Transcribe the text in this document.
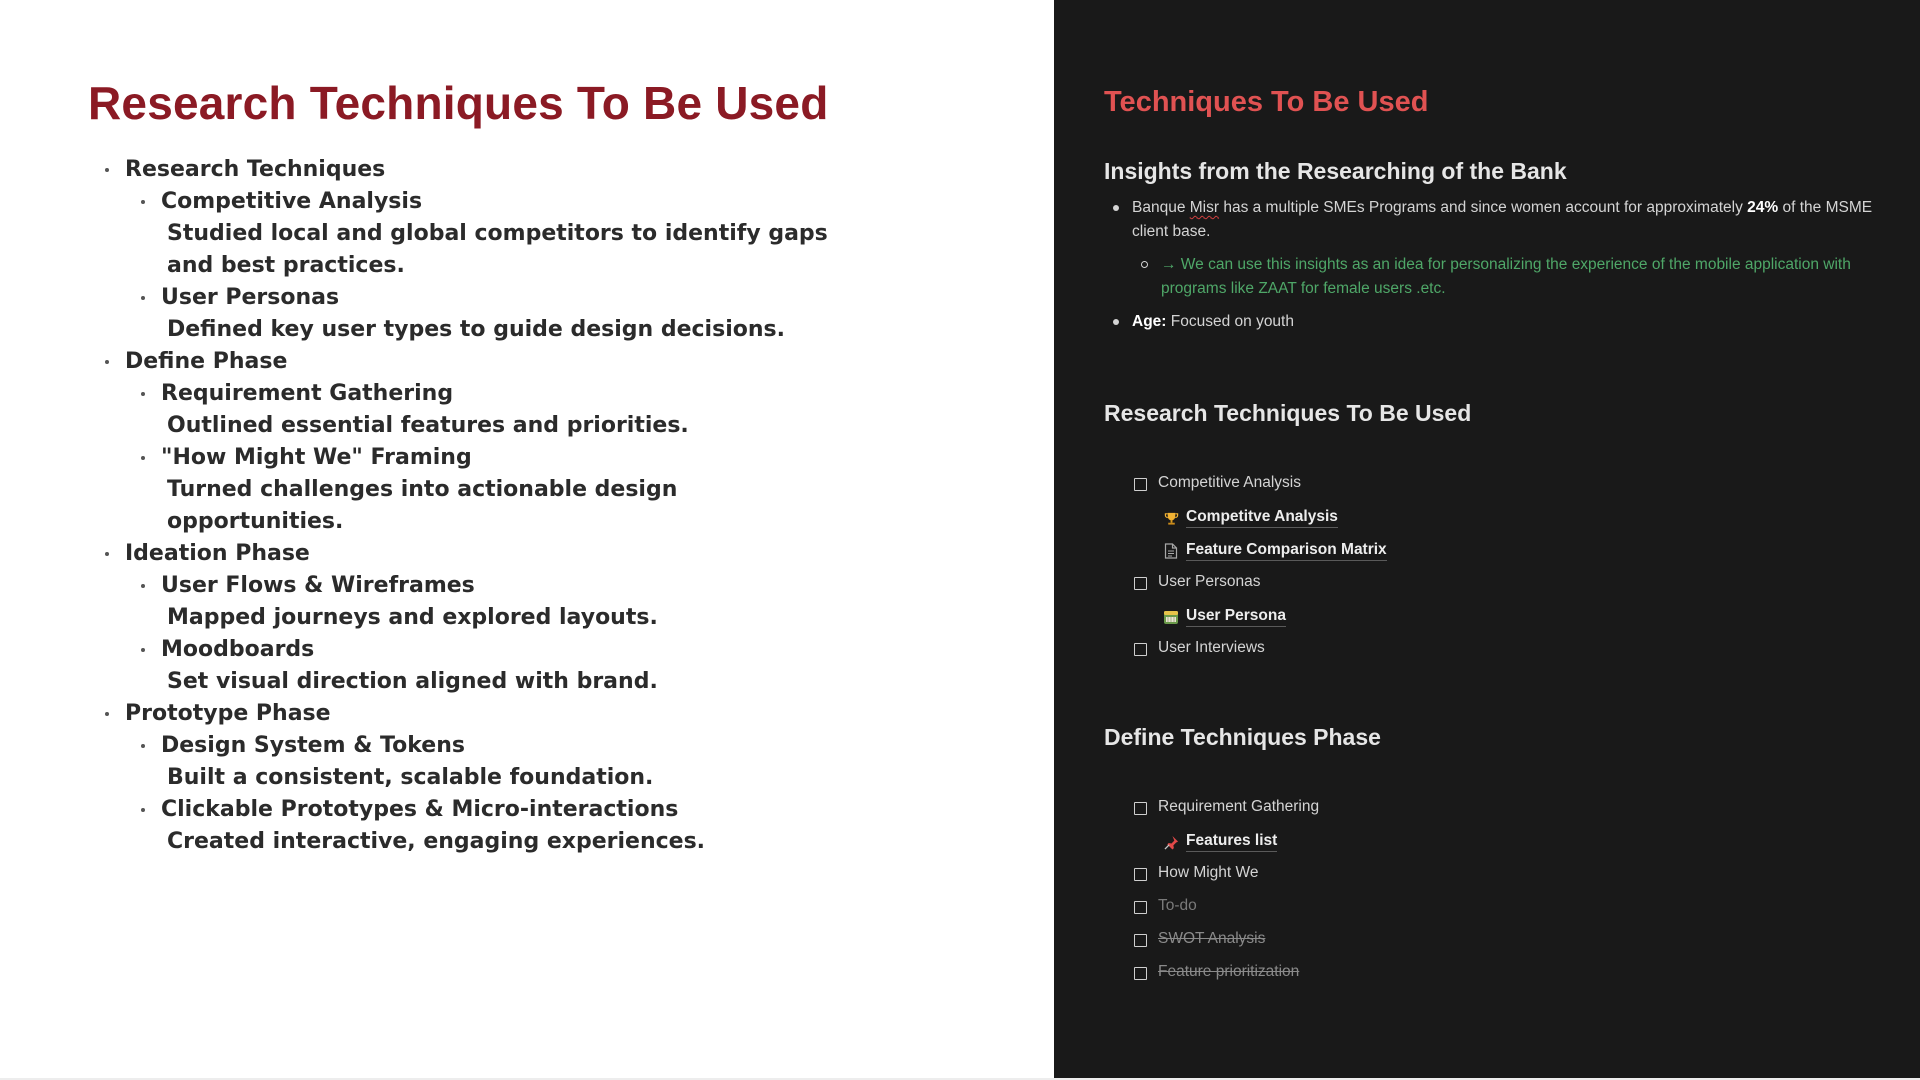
Research Techniques To Be Used
Research Techniques
Competitive Analysis
Studied local and global competitors to identify gaps and best practices.
User Personas
Defined key user types to guide design decisions.
Define Phase
Requirement Gathering
Outlined essential features and priorities.
"How Might We" Framing
Turned challenges into actionable design opportunities.
Ideation Phase
User Flows & Wireframes
Mapped journeys and explored layouts.
Moodboards
Set visual direction aligned with brand.
Prototype Phase
Design System & Tokens
Built a consistent, scalable foundation.
Clickable Prototypes & Micro-interactions
Created interactive, engaging experiences.
Techniques To Be Used
Insights from the Researching of the Bank
Banque Misr has a multiple SMEs Programs and since women account for approximately 24% of the MSME client base.
→ We can use this insights as an idea for personalizing the experience of the mobile application with programs like ZAAT for female users .etc.
Age: Focused on youth
Research Techniques To Be Used
Competitive Analysis
Competitve Analysis
Feature Comparison Matrix
User Personas
User Persona
User Interviews
Define Techniques Phase
Requirement Gathering
Features list
How Might We
To-do
SWOT Analysis
Feature prioritization
